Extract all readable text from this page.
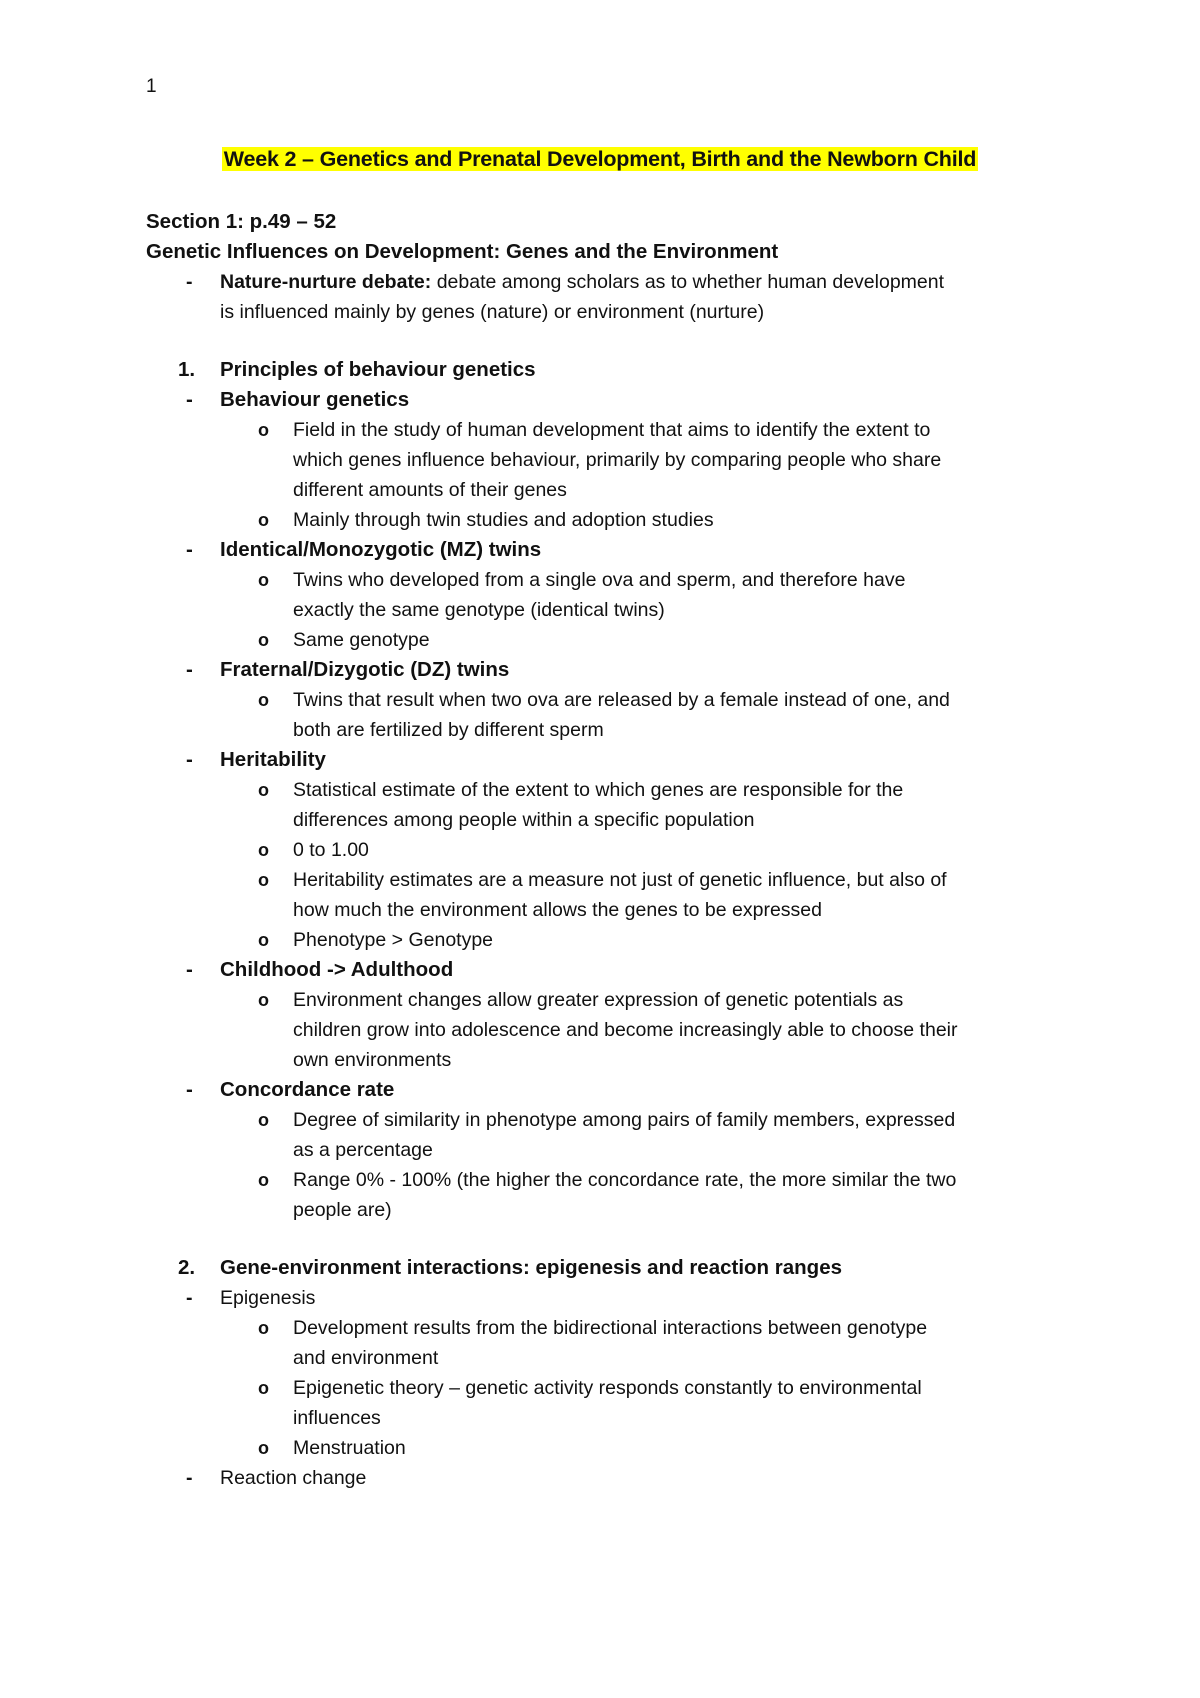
1
Week 2 – Genetics and Prenatal Development, Birth and the Newborn Child
Section 1: p.49 – 52
Genetic Influences on Development: Genes and the Environment
- Nature-nurture debate: debate among scholars as to whether human development
is influenced mainly by genes (nature) or environment (nurture)
1. Principles of behaviour genetics
- Behaviour genetics
o Field in the study of human development that aims to identify the extent to
which genes influence behaviour, primarily by comparing people who share
different amounts of their genes
o Mainly through twin studies and adoption studies
- Identical/Monozygotic (MZ) twins
o Twins who developed from a single ova and sperm, and therefore have
exactly the same genotype (identical twins)
o Same genotype
- Fraternal/Dizygotic (DZ) twins
o Twins that result when two ova are released by a female instead of one, and
both are fertilized by different sperm
- Heritability
o Statistical estimate of the extent to which genes are responsible for the
differences among people within a specific population
o 0 to 1.00
o Heritability estimates are a measure not just of genetic influence, but also of
how much the environment allows the genes to be expressed
o Phenotype > Genotype
- Childhood -> Adulthood
o Environment changes allow greater expression of genetic potentials as
children grow into adolescence and become increasingly able to choose their
own environments
- Concordance rate
o Degree of similarity in phenotype among pairs of family members, expressed
as a percentage
o Range 0% - 100% (the higher the concordance rate, the more similar the two
people are)
2. Gene-environment interactions: epigenesis and reaction ranges
- Epigenesis
o Development results from the bidirectional interactions between genotype
and environment
o Epigenetic theory – genetic activity responds constantly to environmental
influences
o Menstruation
- Reaction change
